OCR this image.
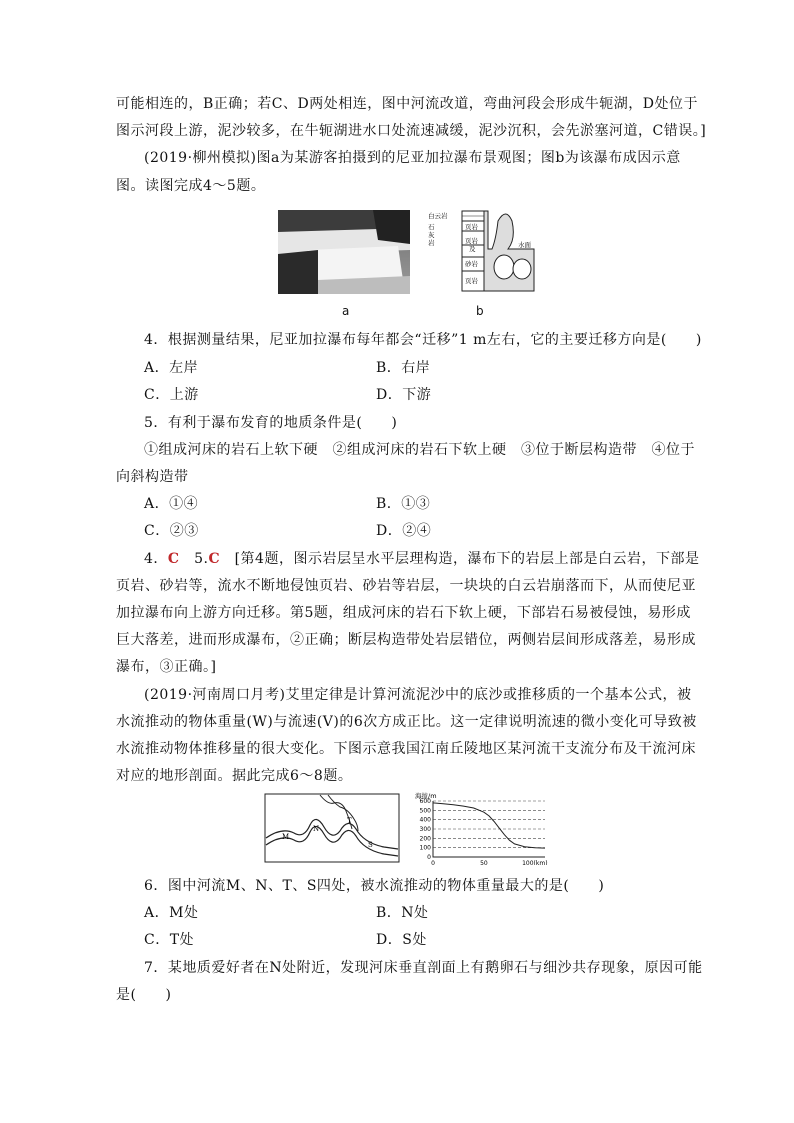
可能相连的，B正确；若C、D两处相连，图中河流改道，弯曲河段会形成牛轭湖，D处位于
图示河段上游，泥沙较多，在牛轭湖进水口处流速减缓，泥沙沉积，会先淤塞河道，C错误。]
(2019·柳州模拟)图a为某游客拍摄到的尼亚加拉瀑布景观图；图b为该瀑布成因示意
图。读图完成4～5题。
白云岩
石
灰
岩
页岩
页岩
及
砂岩
页岩
水面
a	b
4．根据测量结果，尼亚加拉瀑布每年都会“迁移”1 m左右，它的主要迁移方向是(　　)
A．左岸	B．右岸
C．上游	D．下游
5．有利于瀑布发育的地质条件是(　　)
①组成河床的岩石上软下硬　②组成河床的岩石下软上硬　③位于断层构造带　④位于
向斜构造带
A．①④	B．①③
C．②③	D．②④
4．C　 5.C　 [第4题，图示岩层呈水平层理构造，瀑布下的岩层上部是白云岩，下部是
页岩、砂岩等，流水不断地侵蚀页岩、砂岩等岩层，一块块的白云岩崩落而下，从而使尼亚
加拉瀑布向上游方向迁移。第5题，组成河床的岩石下软上硬，下部岩石易被侵蚀，易形成
巨大落差，进而形成瀑布，②正确；断层构造带处岩层错位，两侧岩层间形成落差，易形成
瀑布，③正确。]
(2019·河南周口月考)艾里定律是计算河流泥沙中的底沙或推移质的一个基本公式，被
水流推动的物体重量(W)与流速(V)的6次方成正比。这一定律说明流速的微小变化可导致被
水流推动物体推移量的很大变化。下图示意我国江南丘陵地区某河流干支流分布及干流河床
对应的地形剖面。据此完成6～8题。
M
N
T
S
海拔/m
600
500
400
300
200
100
0
0	50	100(km)
6．图中河流M、N、T、S四处，被水流推动的物体重量最大的是(　　)
A．M处	B．N处
C．T处	D．S处
7．某地质爱好者在N处附近，发现河床垂直剖面上有鹅卵石与细沙共存现象，原因可能
是(　　)
